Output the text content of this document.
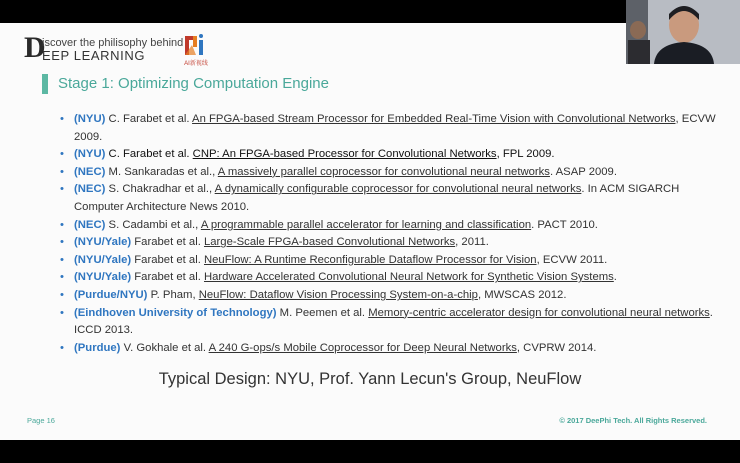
D
iscover the philisophy behind
EEP LEARNING
AI新视线
Stage 1: Optimizing Computation Engine
• (NYU) C. Farabet et al. An FPGA-based Stream Processor for Embedded Real-Time Vision with Convolutional Networks, ECVW 2009.
• (NYU) C. Farabet et al. CNP: An FPGA-based Processor for Convolutional Networks, FPL 2009.
• (NEC) M. Sankaradas et al., A massively parallel coprocessor for convolutional neural networks. ASAP 2009.
• (NEC) S. Chakradhar et al., A dynamically configurable coprocessor for convolutional neural networks. In ACM SIGARCH Computer Architecture News 2010.
• (NEC) S. Cadambi et al., A programmable parallel accelerator for learning and classification. PACT 2010.
• (NYU/Yale) Farabet et al. Large-Scale FPGA-based Convolutional Networks, 2011.
• (NYU/Yale) Farabet et al. NeuFlow: A Runtime Reconfigurable Dataflow Processor for Vision, ECVW 2011.
• (NYU/Yale) Farabet et al. Hardware Accelerated Convolutional Neural Network for Synthetic Vision Systems.
• (Purdue/NYU) P. Pham, NeuFlow: Dataflow Vision Processing System-on-a-chip, MWSCAS 2012.
• (Eindhoven University of Technology) M. Peemen et al. Memory-centric accelerator design for convolutional neural networks. ICCD 2013.
• (Purdue) V. Gokhale et al. A 240 G-ops/s Mobile Coprocessor for Deep Neural Networks, CVPRW 2014.
Typical Design: NYU, Prof. Yann Lecun's Group, NeuFlow
Page 16	© 2017 DeePhi Tech. All Rights Reserved.
